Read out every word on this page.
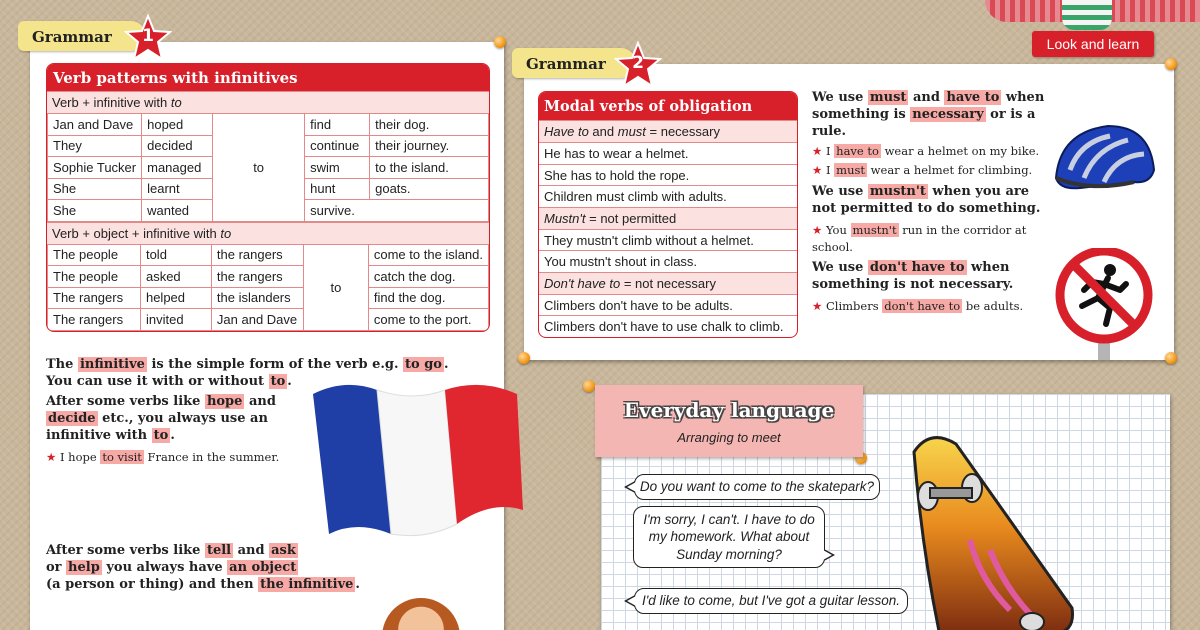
Look and learn
Grammar	1
Verb patterns with infinitives
Verb + infinitive with to
Jan and Dave	hoped	to	find	their dog.
They	decided		continue	their journey.
Sophie Tucker	managed		swim	to the island.
She	learnt		hunt	goats.
She	wanted		survive.	
Verb + object + infinitive with to
The people	told	the rangers	to	come to the island.
The people	asked	the rangers		catch the dog.
The rangers	helped	the islanders		find the dog.
The rangers	invited	Jan and Dave		come to the port.
The infinitive is the simple form of the verb e.g. to go .
You can use it with or without to .
After some verbs like hope and
decide etc., you always use an
infinitive with to .
★ I hope to visit France in the summer.
After some verbs like tell and ask
or help you always have an object
(a person or thing) and then the infinitive .
Grammar	2
Modal verbs of obligation
Have to and must = necessary
He has to wear a helmet.
She has to hold the rope.
Children must climb with adults.
Mustn't = not permitted
They mustn't climb without a helmet.
You mustn't shout in class.
Don't have to = not necessary
Climbers don't have to be adults.
Climbers don't have to use chalk to climb.
We use must and have to when
something is necessary or is a rule.
★ I have to wear a helmet on my bike.
★ I must wear a helmet for climbing.
We use mustn't when you are
not permitted to do something.
★ You mustn't run in the corridor at school.
We use don't have to when
something is not necessary.
★ Climbers don't have to be adults.
Everyday language
Arranging to meet
Do you want to come to the skatepark?
I'm sorry, I can't. I have to do my homework. What about Sunday morning?
I'd like to come, but I've got a guitar lesson.
